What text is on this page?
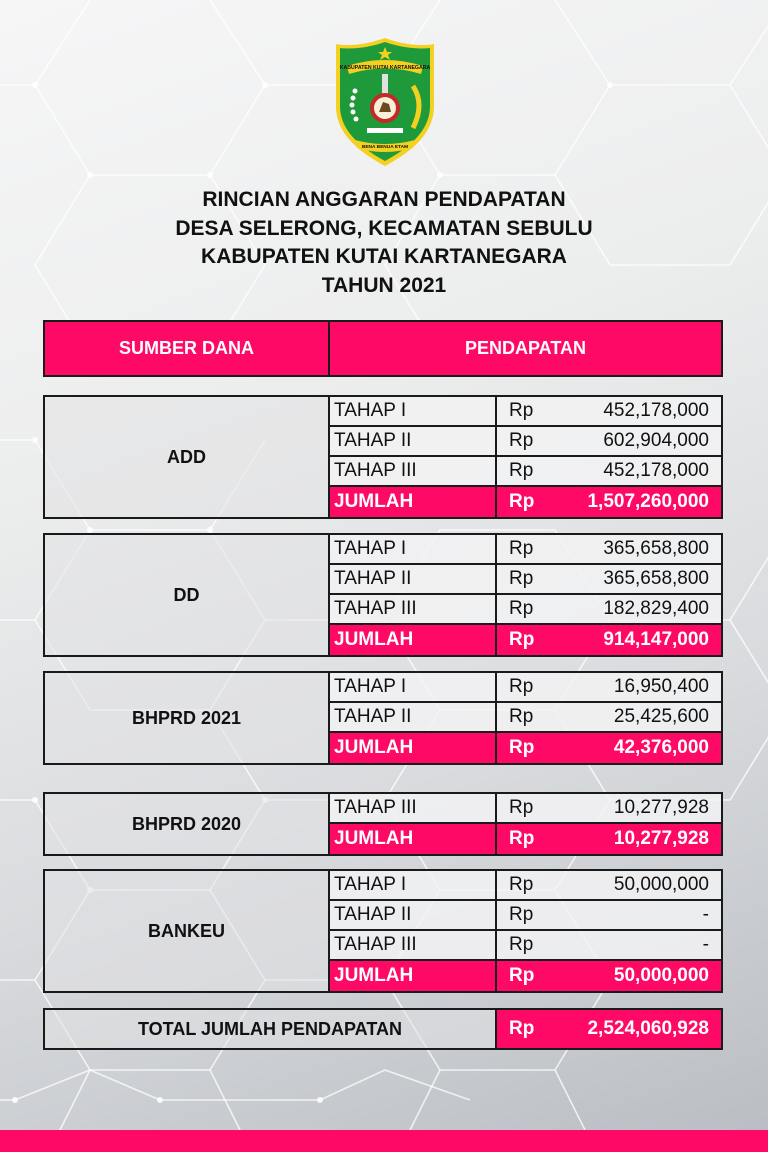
KABUPATEN KUTAI KARTANEGARA
BENA BENUA ETAM
RINCIAN ANGGARAN PENDAPATAN
DESA SELERONG, KECAMATAN SEBULU
KABUPATEN KUTAI KARTANEGARA
TAHUN 2021
SUMBER DANA	PENDAPATAN
ADD
TAHAP I	Rp	452,178,000
TAHAP II	Rp	602,904,000
TAHAP III	Rp	452,178,000
JUMLAH	Rp	1,507,260,000
DD
TAHAP I	Rp	365,658,800
TAHAP II	Rp	365,658,800
TAHAP III	Rp	182,829,400
JUMLAH	Rp	914,147,000
BHPRD 2021
TAHAP I	Rp	16,950,400
TAHAP II	Rp	25,425,600
JUMLAH	Rp	42,376,000
BHPRD 2020
TAHAP III	Rp	10,277,928
JUMLAH	Rp	10,277,928
BANKEU
TAHAP I	Rp	50,000,000
TAHAP II	Rp	-
TAHAP III	Rp	-
JUMLAH	Rp	50,000,000
TOTAL JUMLAH PENDAPATAN	Rp	2,524,060,928
